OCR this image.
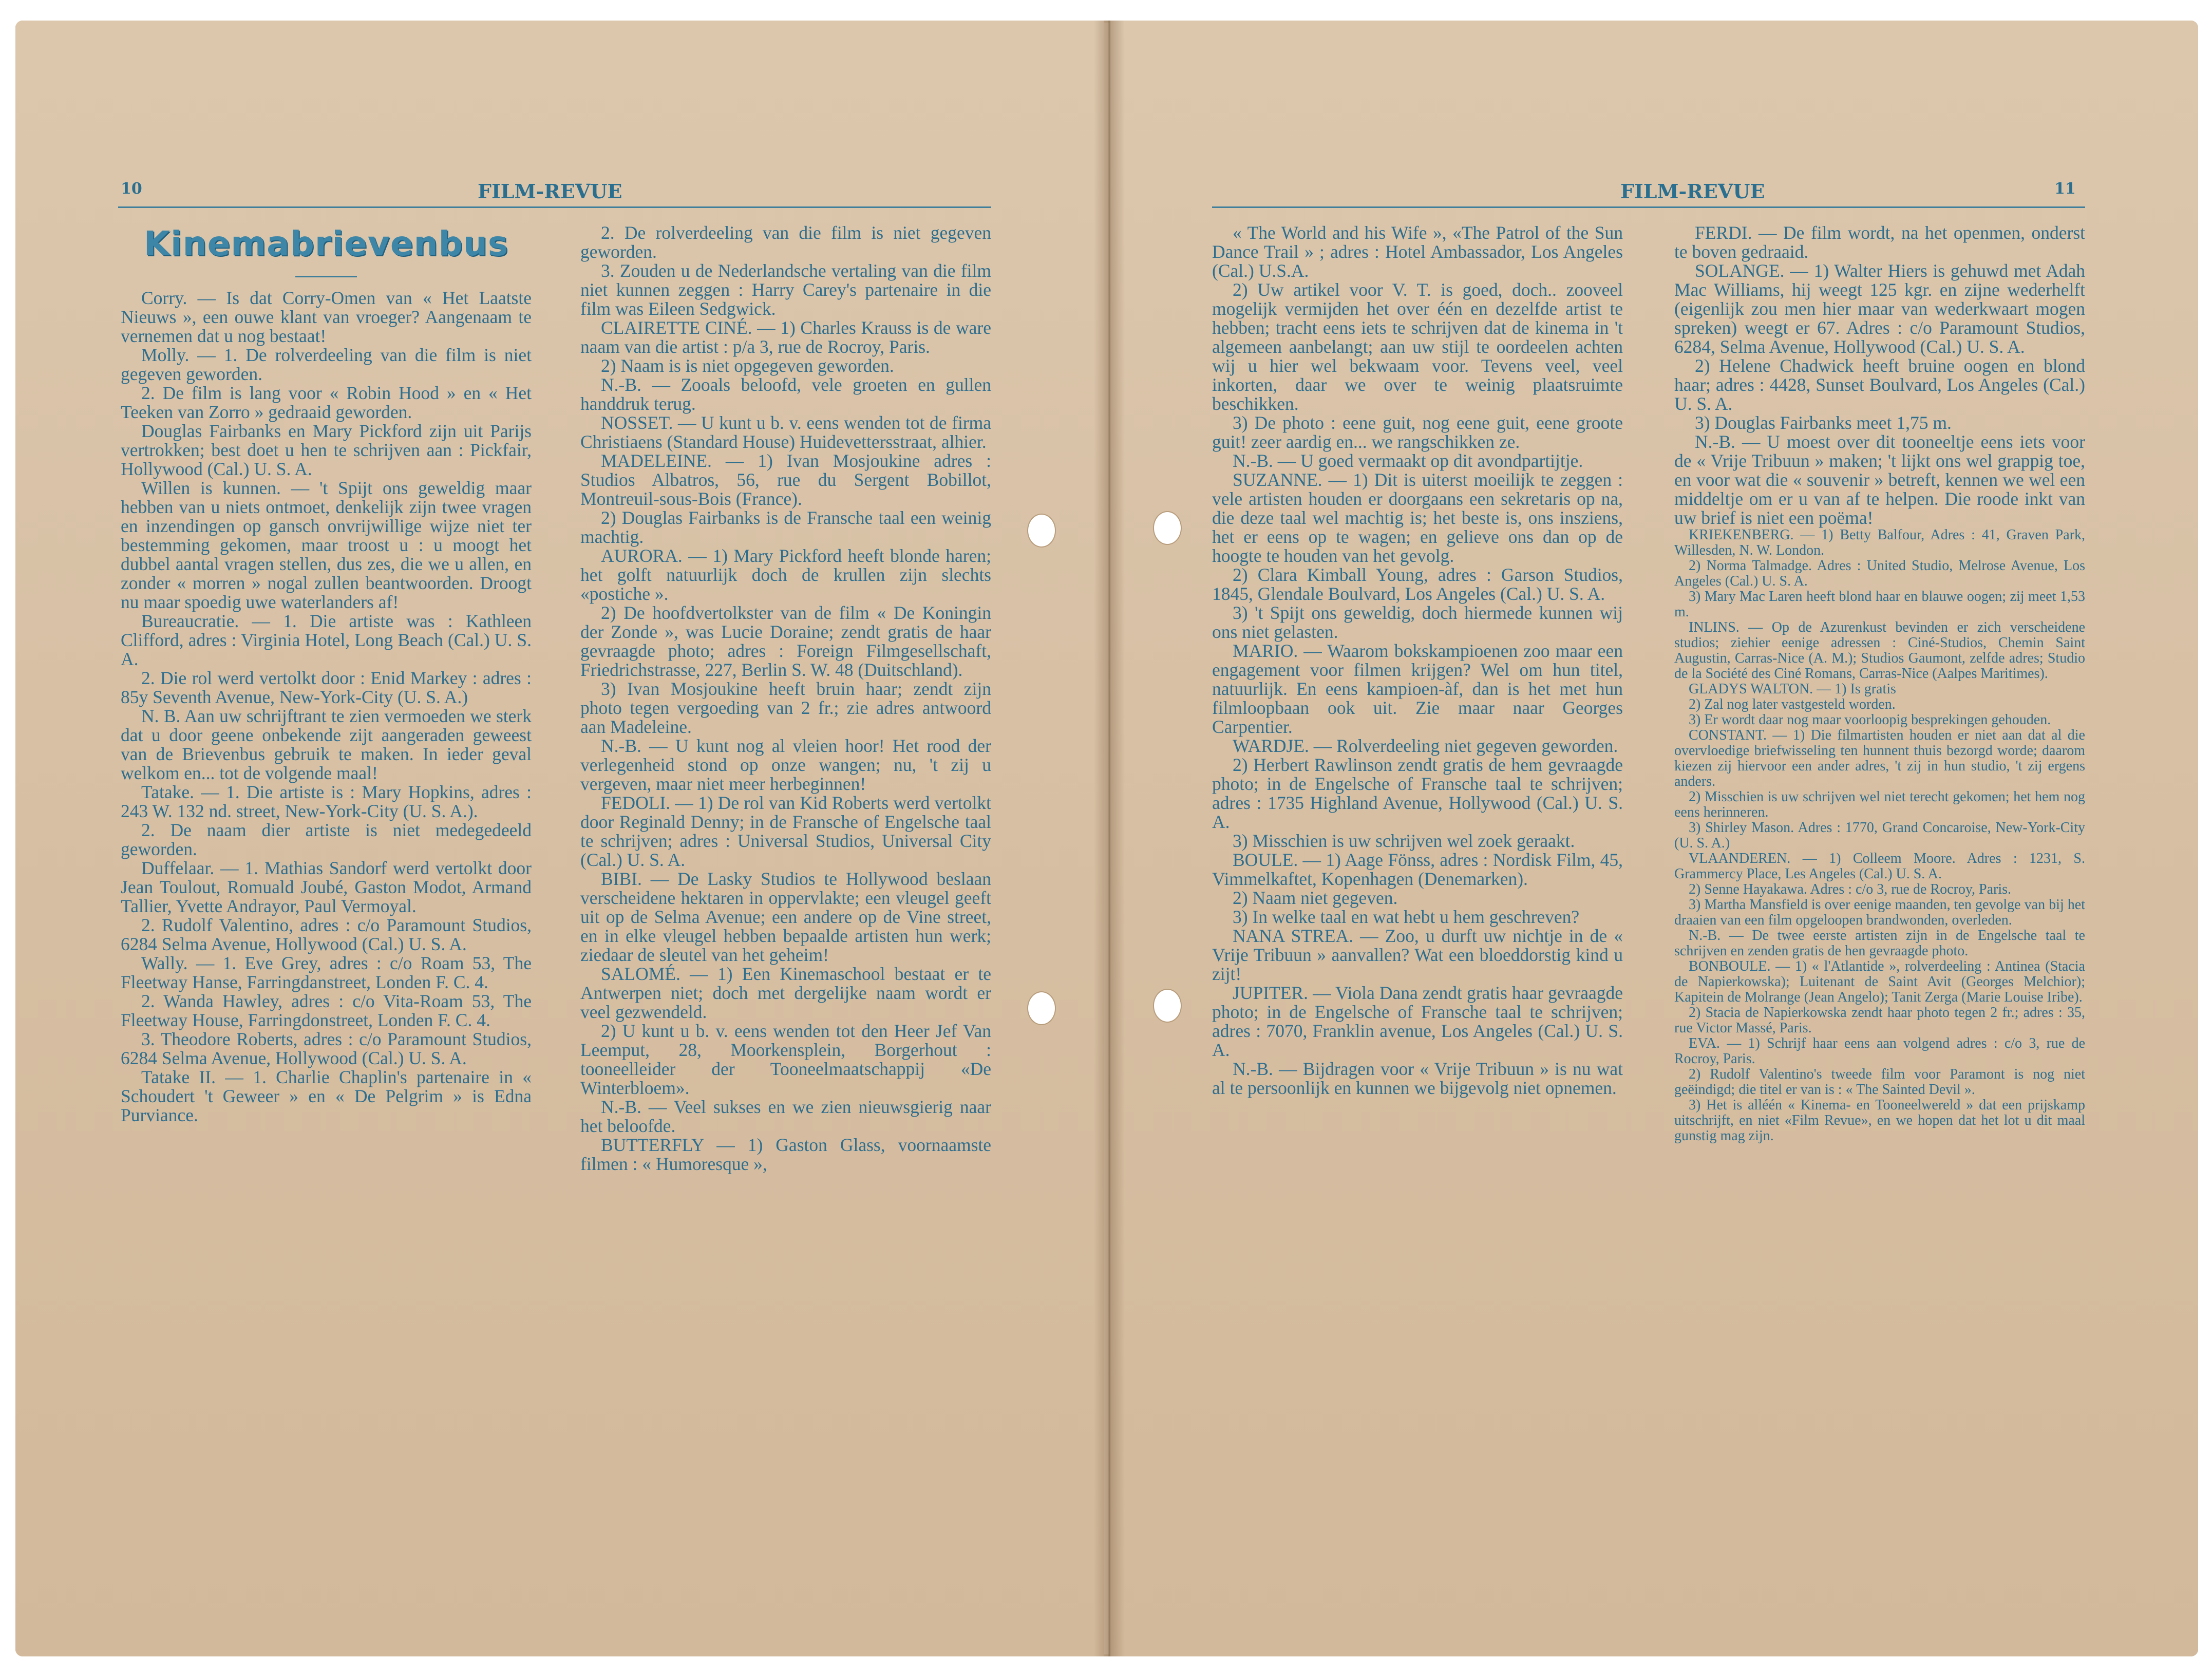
10	FILM-REVUE
Kinemabrievenbus

Corry. — Is dat Corry-Omen van « Het Laatste Nieuws », een ouwe klant van vroeger? Aangenaam te vernemen dat u nog bestaat!

Molly. — 1. De rolverdeeling van die film is niet gegeven geworden.

2. De film is lang voor « Robin Hood » en « Het Teeken van Zorro » gedraaid geworden.

Douglas Fairbanks en Mary Pickford zijn uit Parijs vertrokken; best doet u hen te schrijven aan : Pickfair, Hollywood (Cal.) U. S. A.

Willen is kunnen. — 't Spijt ons geweldig maar hebben van u niets ontmoet, denkelijk zijn twee vragen en inzendingen op gansch onvrijwillige wijze niet ter bestemming gekomen, maar troost u : u moogt het dubbel aantal vragen stellen, dus zes, die we u allen, en zonder « morren » nogal zullen beantwoorden. Droogt nu maar spoedig uwe waterlanders af!

Bureaucratie. — 1. Die artiste was : Kathleen Clifford, adres : Virginia Hotel, Long Beach (Cal.) U. S. A.

2. Die rol werd vertolkt door : Enid Markey : adres : 85y Seventh Avenue, New-York-City (U. S. A.)

N. B. Aan uw schrijftrant te zien vermoeden we sterk dat u door geene onbekende zijt aangeraden geweest van de Brievenbus gebruik te maken. In ieder geval welkom en... tot de volgende maal!

Tatake. — 1. Die artiste is : Mary Hopkins, adres : 243 W. 132 nd. street, New-York-City (U. S. A.).

2. De naam dier artiste is niet medegedeeld geworden.

Duffelaar. — 1. Mathias Sandorf werd vertolkt door Jean Toulout, Romuald Joubé, Gaston Modot, Armand Tallier, Yvette Andrayor, Paul Vermoyal.

2. Rudolf Valentino, adres : c/o Paramount Studios, 6284 Selma Avenue, Hollywood (Cal.) U. S. A.

Wally. — 1. Eve Grey, adres : c/o Roam 53, The Fleetway Hanse, Farringdanstreet, Londen F. C. 4.

2. Wanda Hawley, adres : c/o Vita-Roam 53, The Fleetway House, Farringdonstreet, Londen F. C. 4.

3. Theodore Roberts, adres : c/o Paramount Studios, 6284 Selma Avenue, Hollywood (Cal.) U. S. A.

Tatake II. — 1. Charlie Chaplin's partenaire in « Schoudert 't Geweer » en « De Pelgrim » is Edna Purviance.

2. De rolverdeeling van die film is niet gegeven geworden.

3. Zouden u de Nederlandsche vertaling van die film niet kunnen zeggen : Harry Carey's partenaire in die film was Eileen Sedgwick.

CLAIRETTE CINÉ. — 1) Charles Krauss is de ware naam van die artist : p/a 3, rue de Rocroy, Paris.

2) Naam is is niet opgegeven geworden.

N.-B. — Zooals beloofd, vele groeten en gullen handdruk terug.

NOSSET. — U kunt u b. v. eens wenden tot de firma Christiaens (Standard House) Huidevettersstraat, alhier.

MADELEINE. — 1) Ivan Mosjoukine adres : Studios Albatros, 56, rue du Sergent Bobillot, Montreuil-sous-Bois (France).

2) Douglas Fairbanks is de Fransche taal een weinig machtig.

AURORA. — 1) Mary Pickford heeft blonde haren; het golft natuurlijk doch de krullen zijn slechts «postiche ».

2) De hoofdvertolkster van de film « De Koningin der Zonde », was Lucie Doraine; zendt gratis de haar gevraagde photo; adres : Foreign Filmgesellschaft, Friedrichstrasse, 227, Berlin S. W. 48 (Duitschland).

3) Ivan Mosjoukine heeft bruin haar; zendt zijn photo tegen vergoeding van 2 fr.; zie adres antwoord aan Madeleine.

N.-B. — U kunt nog al vleien hoor! Het rood der verlegenheid stond op onze wangen; nu, 't zij u vergeven, maar niet meer herbeginnen!

FEDOLI. — 1) De rol van Kid Roberts werd vertolkt door Reginald Denny; in de Fransche of Engelsche taal te schrijven; adres : Universal Studios, Universal City (Cal.) U. S. A.

BIBI. — De Lasky Studios te Hollywood beslaan verscheidene hektaren in oppervlakte; een vleugel geeft uit op de Selma Avenue; een andere op de Vine street, en in elke vleugel hebben bepaalde artisten hun werk; ziedaar de sleutel van het geheim!

SALOMÉ. — 1) Een Kinemaschool bestaat er te Antwerpen niet; doch met dergelijke naam wordt er veel gezwendeld.

2) U kunt u b. v. eens wenden tot den Heer Jef Van Leemput, 28, Moorkensplein, Borgerhout : tooneelleider der Tooneelmaatschappij «De Winterbloem».

N.-B. — Veel sukses en we zien nieuwsgierig naar het beloofde.

BUTTERFLY — 1) Gaston Glass, voornaamste filmen : « Humoresque »,

FILM-REVUE	11

« The World and his Wife », «The Patrol of the Sun Dance Trail » ; adres : Hotel Ambassador, Los Angeles (Cal.) U.S.A.

2) Uw artikel voor V. T. is goed, doch.. zooveel mogelijk vermijden het over één en dezelfde artist te hebben; tracht eens iets te schrijven dat de kinema in 't algemeen aanbelangt; aan uw stijl te oordeelen achten wij u hier wel bekwaam voor. Tevens veel, veel inkorten, daar we over te weinig plaatsruimte beschikken.

3) De photo : eene guit, nog eene guit, eene groote guit! zeer aardig en... we rangschikken ze.

N.-B. — U goed vermaakt op dit avondpartijtje.

SUZANNE. — 1) Dit is uiterst moeilijk te zeggen : vele artisten houden er doorgaans een sekretaris op na, die deze taal wel machtig is; het beste is, ons insziens, het er eens op te wagen; en gelieve ons dan op de hoogte te houden van het gevolg.

2) Clara Kimball Young, adres : Garson Studios, 1845, Glendale Boulvard, Los Angeles (Cal.) U. S. A.

3) 't Spijt ons geweldig, doch hiermede kunnen wij ons niet gelasten.

MARIO. — Waarom bokskampioenen zoo maar een engagement voor filmen krijgen? Wel om hun titel, natuurlijk. En eens kampioen-àf, dan is het met hun filmloopbaan ook uit. Zie maar naar Georges Carpentier.

WARDJE. — Rolverdeeling niet gegeven geworden.

2) Herbert Rawlinson zendt gratis de hem gevraagde photo; in de Engelsche of Fransche taal te schrijven; adres : 1735 Highland Avenue, Hollywood (Cal.) U. S. A.

3) Misschien is uw schrijven wel zoek geraakt.

BOULE. — 1) Aage Fönss, adres : Nordisk Film, 45, Vimmelkaftet, Kopenhagen (Denemarken).

2) Naam niet gegeven.

3) In welke taal en wat hebt u hem geschreven?

NANA STREA. — Zoo, u durft uw nichtje in de « Vrije Tribuun » aanvallen? Wat een bloeddorstig kind u zijt!

JUPITER. — Viola Dana zendt gratis haar gevraagde photo; in de Engelsche of Fransche taal te schrijven; adres : 7070, Franklin avenue, Los Angeles (Cal.) U. S. A.

N.-B. — Bijdragen voor « Vrije Tribuun » is nu wat al te persoonlijk en kunnen we bijgevolg niet opnemen.

FERDI. — De film wordt, na het openmen, onderst te boven gedraaid.

SOLANGE. — 1) Walter Hiers is gehuwd met Adah Mac Williams, hij weegt 125 kgr. en zijne wederhelft (eigenlijk zou men hier maar van wederkwaart mogen spreken) weegt er 67. Adres : c/o Paramount Studios, 6284, Selma Avenue, Hollywood (Cal.) U. S. A.

2) Helene Chadwick heeft bruine oogen en blond haar; adres : 4428, Sunset Boulvard, Los Angeles (Cal.) U. S. A.

3) Douglas Fairbanks meet 1,75 m.

N.-B. — U moest over dit tooneeltje eens iets voor de « Vrije Tribuun » maken; 't lijkt ons wel grappig toe, en voor wat die « souvenir » betreft, kennen we wel een middeltje om er u van af te helpen. Die roode inkt van uw brief is niet een poëma!

KRIEKENBERG. — 1) Betty Balfour, Adres : 41, Graven Park, Willesden, N. W. London.

2) Norma Talmadge. Adres : United Studio, Melrose Avenue, Los Angeles (Cal.) U. S. A.

3) Mary Mac Laren heeft blond haar en blauwe oogen; zij meet 1,53 m.

INLINS. — Op de Azurenkust bevinden er zich verscheidene studios; ziehier eenige adressen : Ciné-Studios, Chemin Saint Augustin, Carras-Nice (A. M.); Studios Gaumont, zelfde adres; Studio de la Société des Ciné Romans, Carras-Nice (Aalpes Maritimes).

GLADYS WALTON. — 1) Is gratis

2) Zal nog later vastgesteld worden.

3) Er wordt daar nog maar voorloopig besprekingen gehouden.

CONSTANT. — 1) Die filmartisten houden er niet aan dat al die overvloedige briefwisseling ten hunnent thuis bezorgd worde; daarom kiezen zij hiervoor een ander adres, 't zij in hun studio, 't zij ergens anders.

2) Misschien is uw schrijven wel niet terecht gekomen; het hem nog eens herinneren.

3) Shirley Mason. Adres : 1770, Grand Concaroise, New-York-City (U. S. A.)

VLAANDEREN. — 1) Colleem Moore. Adres : 1231, S. Grammercy Place, Les Angeles (Cal.) U. S. A.

2) Senne Hayakawa. Adres : c/o 3, rue de Rocroy, Paris.

3) Martha Mansfield is over eenige maanden, ten gevolge van bij het draaien van een film opgeloopen brandwonden, overleden.

N.-B. — De twee eerste artisten zijn in de Engelsche taal te schrijven en zenden gratis de hen gevraagde photo.

BONBOULE. — 1) « l'Atlantide », rolverdeeling : Antinea (Stacia de Napierkowska); Luitenant de Saint Avit (Georges Melchior); Kapitein de Molrange (Jean Angelo); Tanit Zerga (Marie Louise Iribe).

2) Stacia de Napierkowska zendt haar photo tegen 2 fr.; adres : 35, rue Victor Massé, Paris.

EVA. — 1) Schrijf haar eens aan volgend adres : c/o 3, rue de Rocroy, Paris.

2) Rudolf Valentino's tweede film voor Paramont is nog niet geëindigd; die titel er van is : « The Sainted Devil ».

3) Het is alléén « Kinema- en Tooneelwereld » dat een prijskamp uitschrijft, en niet «Film Revue», en we hopen dat het lot u dit maal gunstig mag zijn.
